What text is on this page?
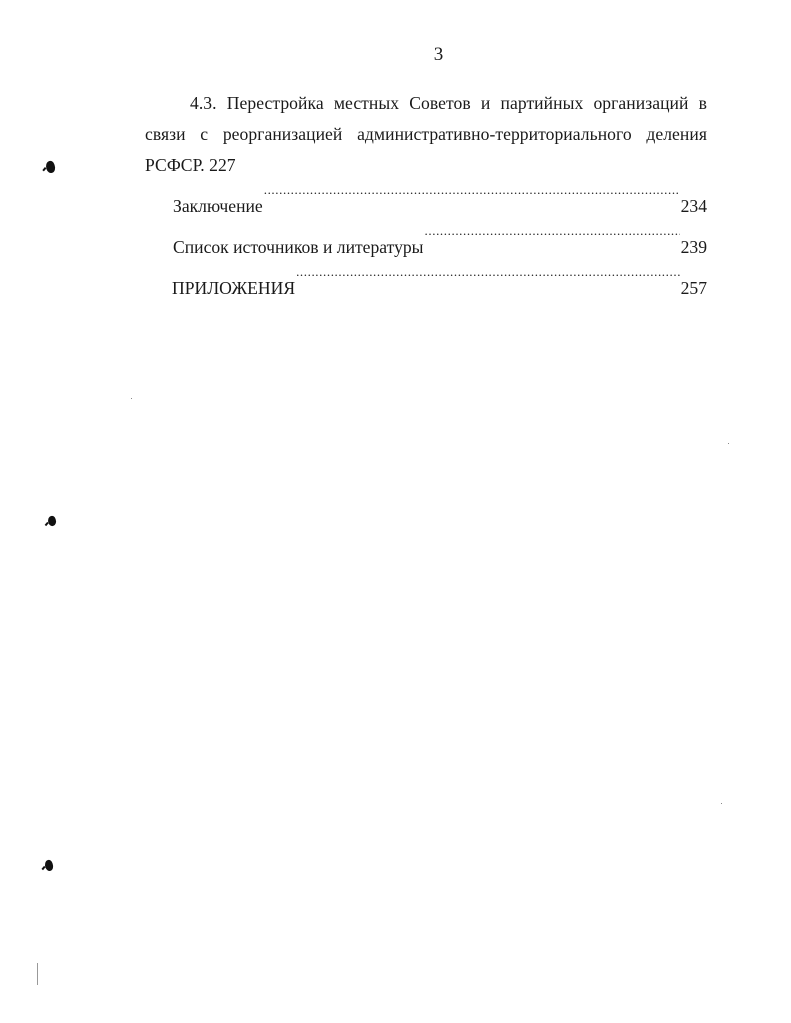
3
4.3. Перестройка местных Советов и партийных организаций в связи с реорганизацией административно-территориального деления РСФСР. 227
Заключение .....	234
Список источников и литературы .....	239
ПРИЛОЖЕНИЯ .....	257
